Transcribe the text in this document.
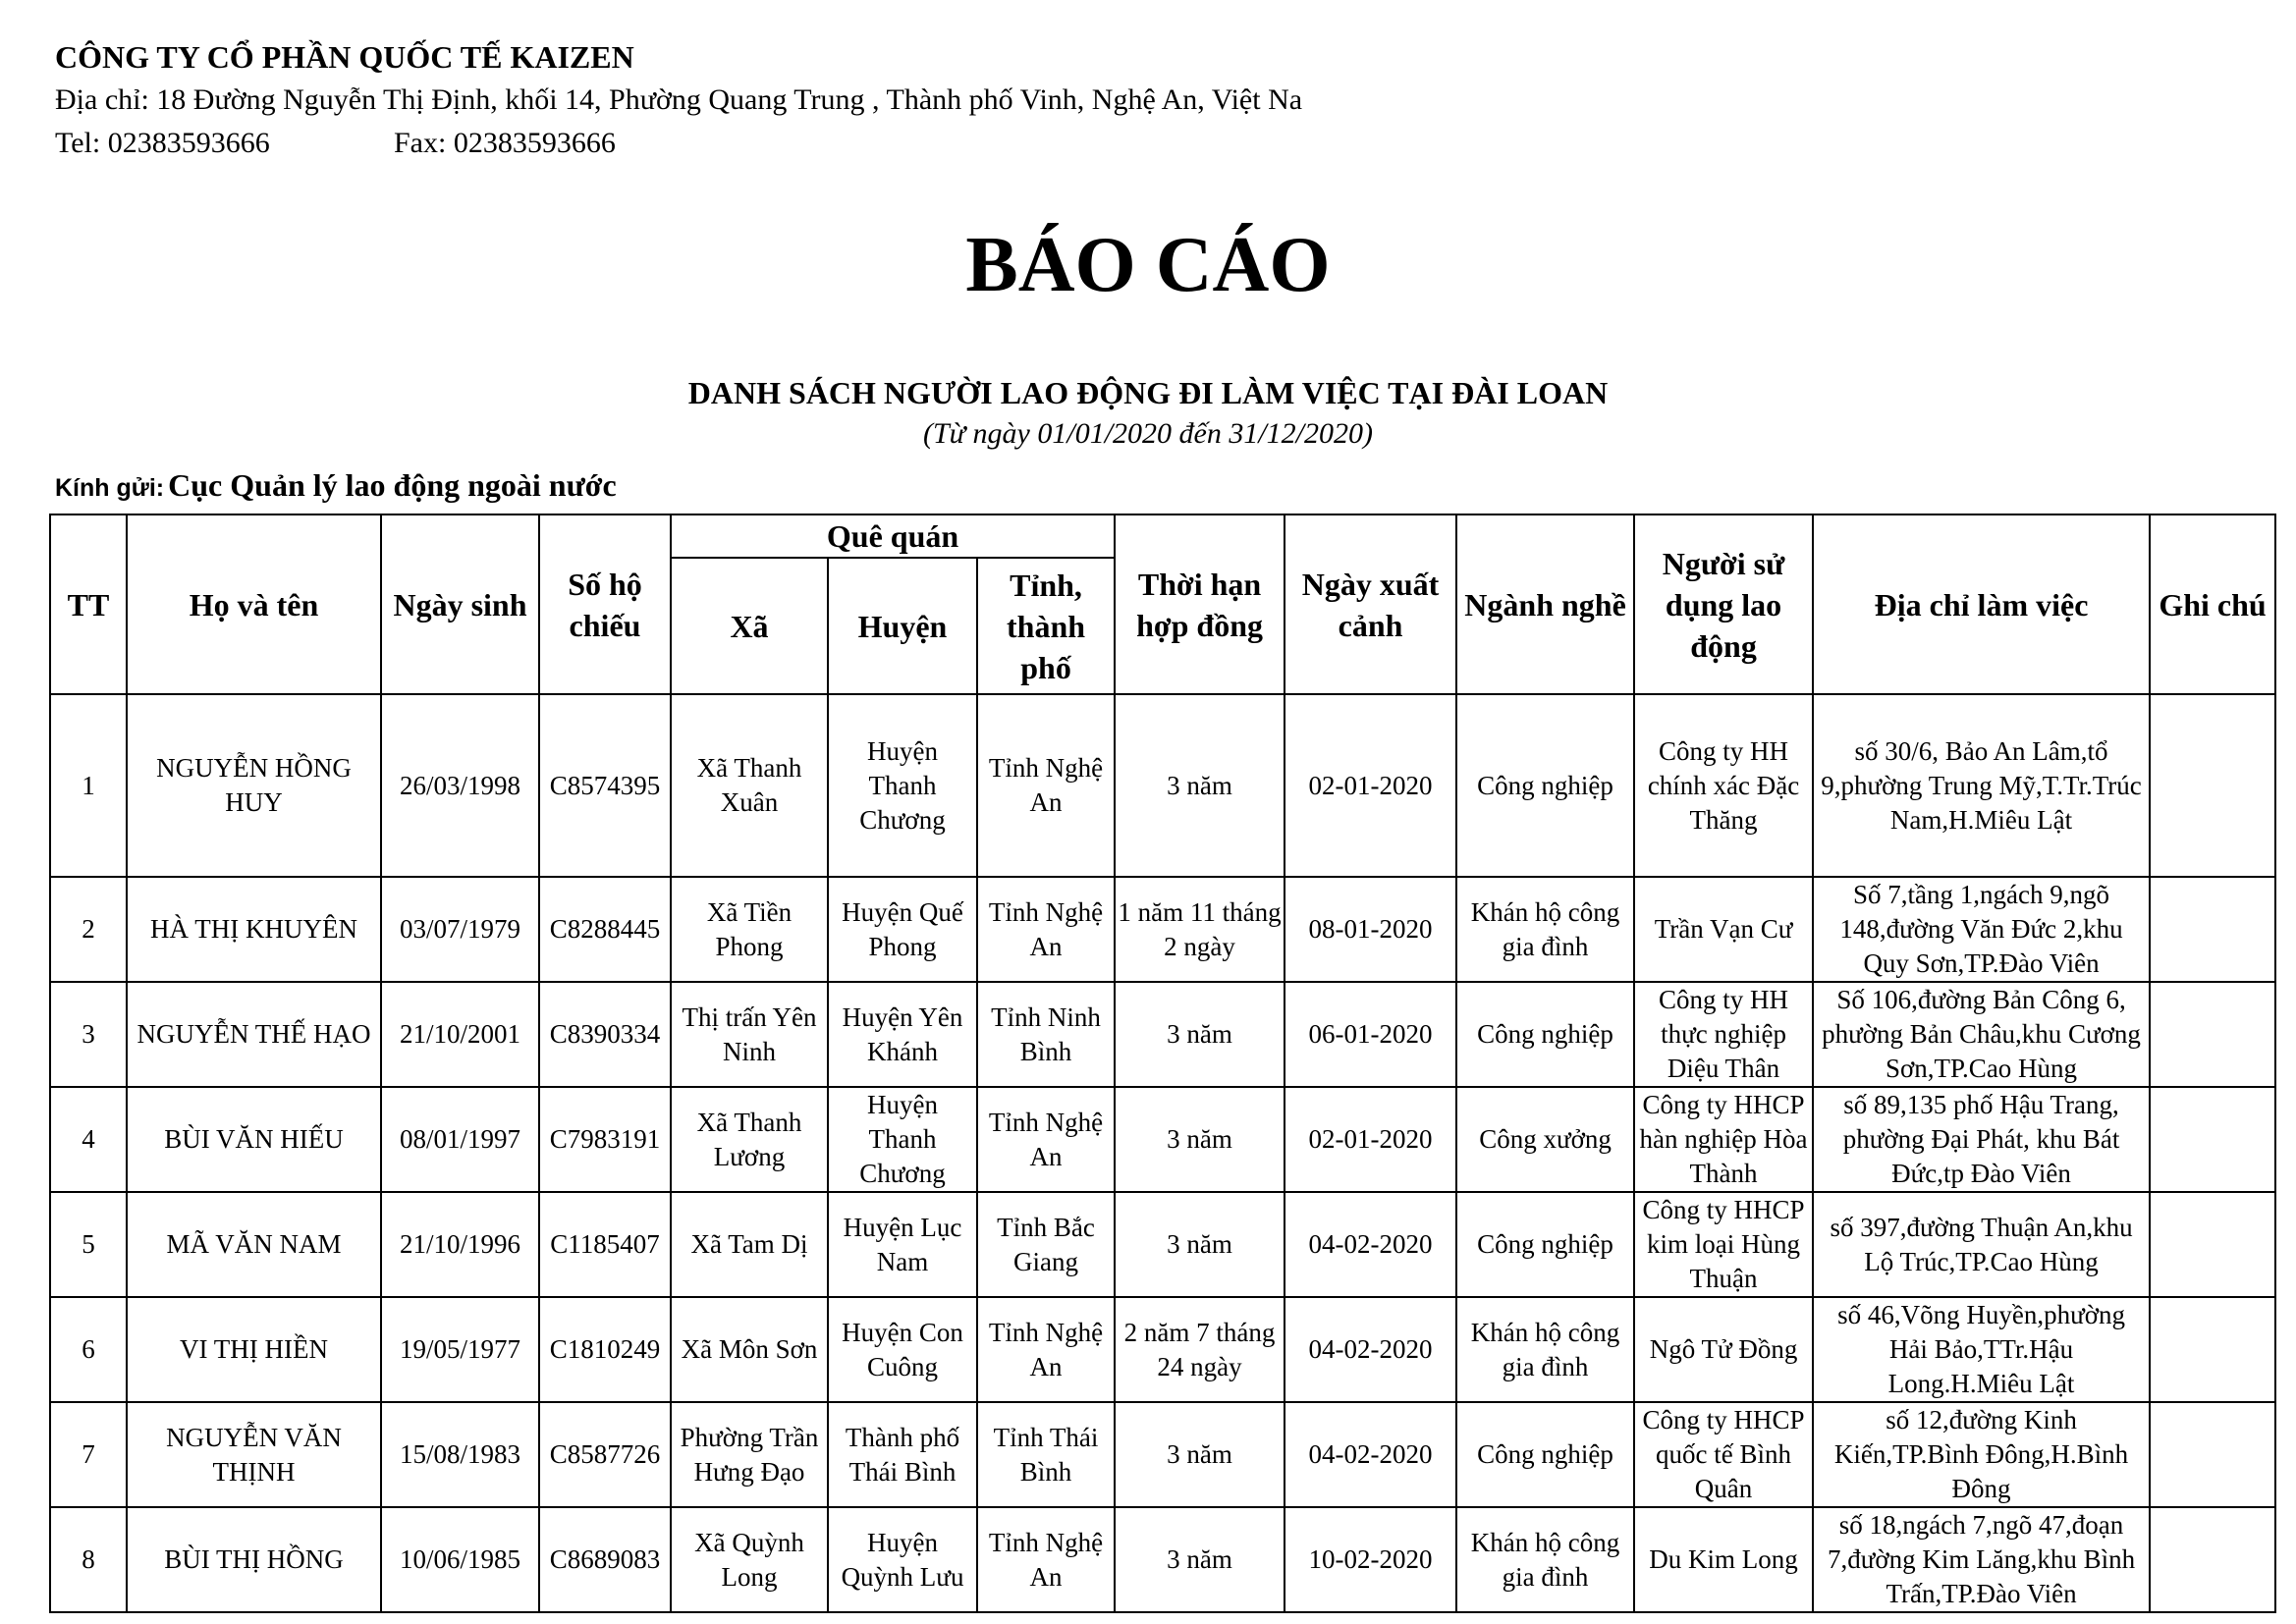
CÔNG TY CỔ PHẦN QUỐC TẾ KAIZEN
Địa chỉ: 18 Đường Nguyễn Thị Định, khối 14, Phường Quang Trung , Thành phố Vinh, Nghệ An, Việt Na
Tel: 02383593666	Fax: 02383593666
BÁO CÁO
DANH SÁCH NGƯỜI LAO ĐỘNG ĐI LÀM VIỆC TẠI ĐÀI LOAN
(Từ ngày 01/01/2020 đến 31/12/2020)
Kính gửi: Cục Quản lý lao động ngoài nước
TT	Họ và tên	Ngày sinh	Số hộ chiếu	Quê quán			Thời hạn hợp đồng	Ngày xuất cảnh	Ngành nghề	Người sử dụng lao động	Địa chỉ làm việc	Ghi chú
				Xã	Huyện	Tỉnh, thành phố						
1	NGUYỄN HỒNG HUY	26/03/1998	C8574395	Xã Thanh Xuân	Huyện Thanh Chương	Tỉnh Nghệ An	3 năm	02-01-2020	Công nghiệp	Công ty HH chính xác Đặc Thăng	số 30/6, Bảo An Lâm,tổ 9,phường Trung Mỹ,T.Tr.Trúc Nam,H.Miêu Lật	
2	HÀ THỊ KHUYÊN	03/07/1979	C8288445	Xã Tiền Phong	Huyện Quế Phong	Tỉnh Nghệ An	1 năm 11 tháng 2 ngày	08-01-2020	Khán hộ công gia đình	Trần Vạn Cư	Số 7,tầng 1,ngách 9,ngõ 148,đường Văn Đức 2,khu Quy Sơn,TP.Đào Viên	
3	NGUYỄN THẾ HẠO	21/10/2001	C8390334	Thị trấn Yên Ninh	Huyện Yên Khánh	Tỉnh Ninh Bình	3 năm	06-01-2020	Công nghiệp	Công ty HH thực nghiệp Diệu Thân	Số 106,đường Bản Công 6, phường Bản Châu,khu Cương Sơn,TP.Cao Hùng	
4	BÙI VĂN HIẾU	08/01/1997	C7983191	Xã Thanh Lương	Huyện Thanh Chương	Tỉnh Nghệ An	3 năm	02-01-2020	Công xưởng	Công ty HHCP hàn nghiệp Hòa Thành	số 89,135 phố Hậu Trang, phường Đại Phát, khu Bát Đức,tp Đào Viên	
5	MÃ VĂN NAM	21/10/1996	C1185407	Xã Tam Dị	Huyện Lục Nam	Tỉnh Bắc Giang	3 năm	04-02-2020	Công nghiệp	Công ty HHCP kim loại Hùng Thuận	số 397,đường Thuận An,khu Lộ Trúc,TP.Cao Hùng	
6	VI THỊ HIỀN	19/05/1977	C1810249	Xã Môn Sơn	Huyện Con Cuông	Tỉnh Nghệ An	2 năm 7 tháng 24 ngày	04-02-2020	Khán hộ công gia đình	Ngô Tử Đồng	số 46,Võng Huyền,phường Hải Bảo,TTr.Hậu Long.H.Miêu Lật	
7	NGUYỄN VĂN THỊNH	15/08/1983	C8587726	Phường Trần Hưng Đạo	Thành phố Thái Bình	Tỉnh Thái Bình	3 năm	04-02-2020	Công nghiệp	Công ty HHCP quốc tế Bình Quân	số 12,đường Kinh Kiến,TP.Bình Đông,H.Bình Đông	
8	BÙI THỊ HỒNG	10/06/1985	C8689083	Xã Quỳnh Long	Huyện Quỳnh Lưu	Tỉnh Nghệ An	3 năm	10-02-2020	Khán hộ công gia đình	Du Kim Long	số 18,ngách 7,ngõ 47,đoạn 7,đường Kim Lăng,khu Bình Trấn,TP.Đào Viên	
